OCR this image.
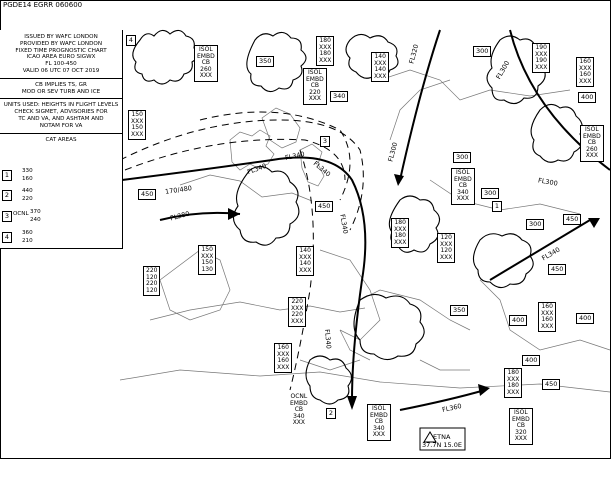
PGDE14 EGRR 060600
ISSUED BY WAFC LONDON
PROVIDED BY WAFC LONDON
FIXED TIME PROGNOSTIC CHART
ICAO AREA EURO SIGWX
FL 100-450
VALID 06 UTC 07 OCT 2019
CB IMPLIES TS, GR
MOD OR SEV TURB AND ICE
UNITS USED: HEIGHTS IN FLIGHT LEVELS
CHECK SIGMET, ADVISORIES FOR
TC AND VA, AND ASHTAM AND
NOTAM FOR VA
CAT AREAS
1 330
160
2 440
220
3 OCNL 370
240
4 360
210
4
3
1
2
350
340
300
400
300
300
450
450
300
450
450
350
400
400
400
450
FL340
FL340	FL340
FL340
170/480
FL280
FL320
FL300
FL300
FL300
FL340
FL340
FL360
ISOL
EMBD
CB
260
XXX	ISOL
EMBD
CB
220
XXX
ISOL
EMBD
CB
340
XXX
ISOL
EMBD
CB
260
XXX
OCNL
EMBD
CB
340
XXX
ISOL
EMBD
CB
340
XXX
ISOL
EMBD
CB
320
XXX
180
XXX
180
XXX
140
XXX
140
XXX
190
XXX
190
XXX
160
XXX
160
XXX
150
XXX
150
XXX
180
XXX
180
XXX
120
XXX
120
XXX
150
XXX
150
130
140
XXX
140
XXX
220
120
220
120
220
XXX
220
XXX
160
XXX
160
XXX
160
XXX
160
XXX
180
XXX
180
XXX
ETNA
37.7N 15.0E
